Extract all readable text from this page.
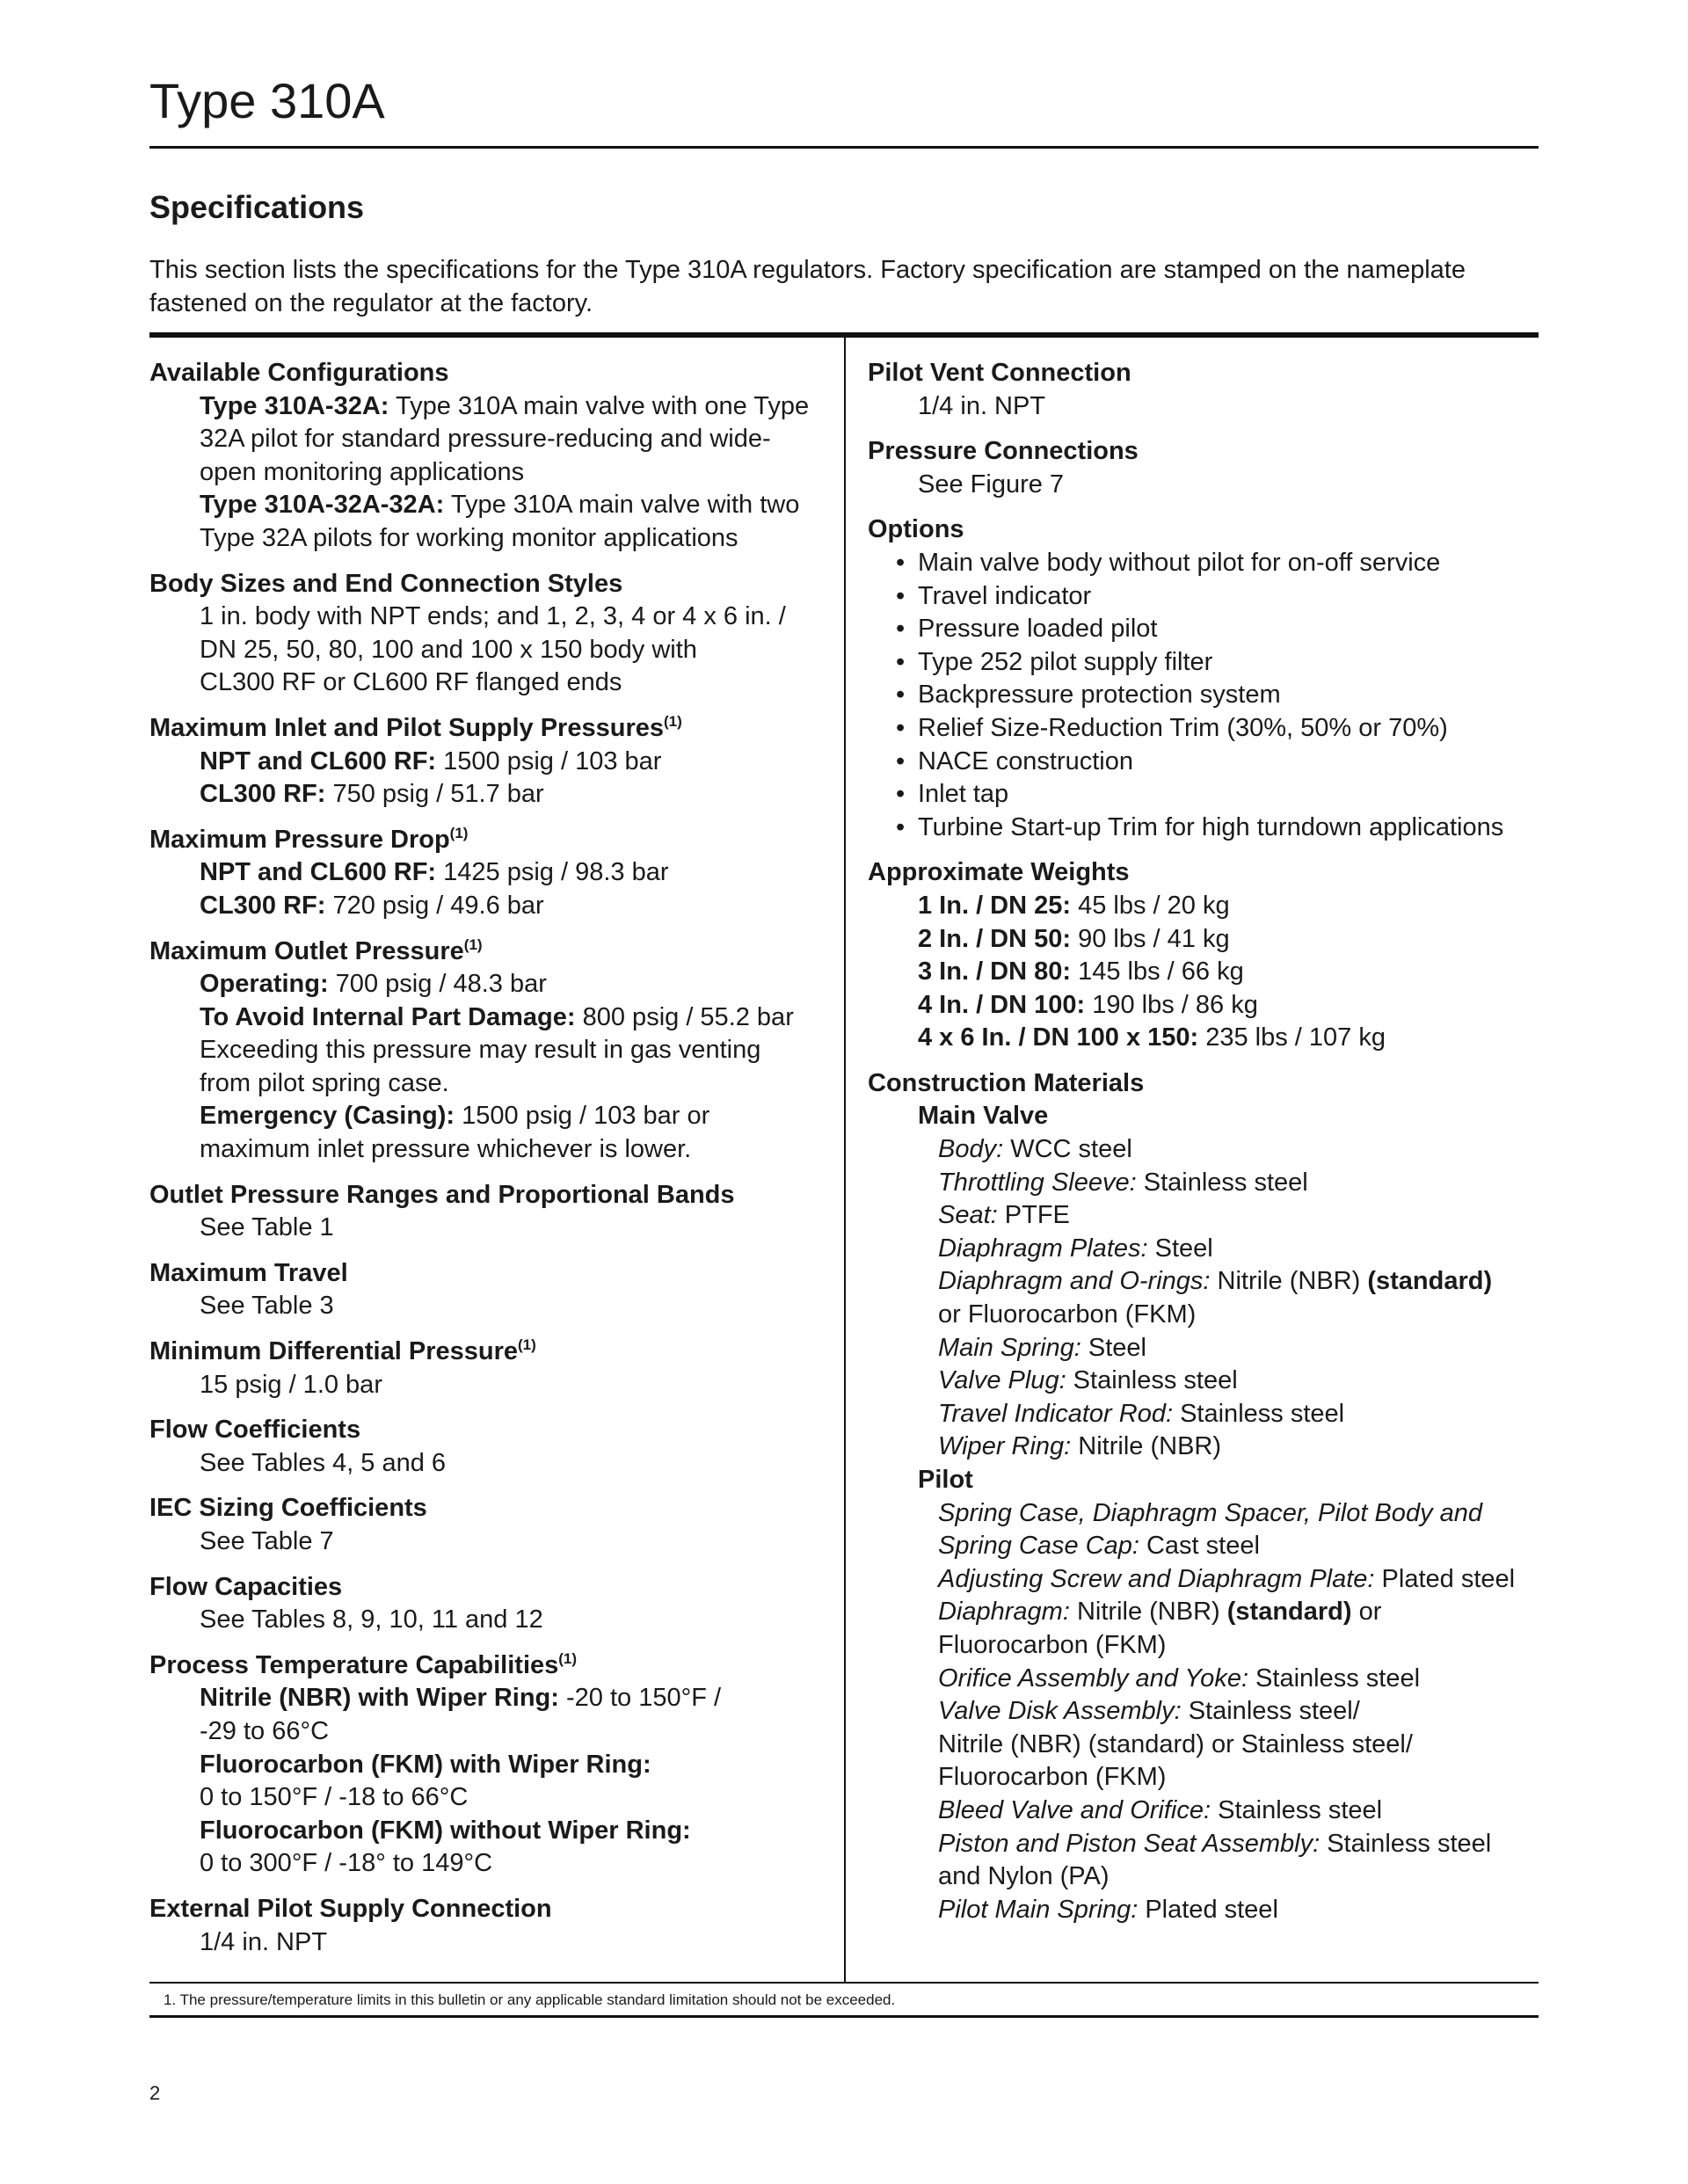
Type 310A
Specifications

This section lists the specifications for the Type 310A regulators. Factory specification are stamped on the nameplate fastened on the regulator at the factory.

Available Configurations
Type 310A-32A: Type 310A main valve with one Type 32A pilot for standard pressure-reducing and wide-open monitoring applications
Type 310A-32A-32A: Type 310A main valve with two Type 32A pilots for working monitor applications
Body Sizes and End Connection Styles
1 in. body with NPT ends; and 1, 2, 3, 4 or 4 x 6 in. /
DN 25, 50, 80, 100 and 100 x 150 body with
CL300 RF or CL600 RF flanged ends
Maximum Inlet and Pilot Supply Pressures$^{(1)}$
NPT and CL600 RF: 1500 psig / 103 bar
CL300 RF: 750 psig / 51.7 bar
Maximum Pressure Drop$^{(1)}$
NPT and CL600 RF: 1425 psig / 98.3 bar
CL300 RF: 720 psig / 49.6 bar
Maximum Outlet Pressure$^{(1)}$
Operating: 700 psig / 48.3 bar
To Avoid Internal Part Damage: 800 psig / 55.2 bar
Exceeding this pressure may result in gas venting
from pilot spring case.
Emergency (Casing): 1500 psig / 103 bar or
maximum inlet pressure whichever is lower.
Outlet Pressure Ranges and Proportional Bands
See Table 1
Maximum Travel
See Table 3
Minimum Differential Pressure$^{(1)}$
15 psig / 1.0 bar
Flow Coefficients
See Tables 4, 5 and 6
IEC Sizing Coefficients
See Table 7
Flow Capacities
See Tables 8, 9, 10, 11 and 12
Process Temperature Capabilities$^{(1)}$
Nitrile (NBR) with Wiper Ring: -20 to 150°F /
-29 to 66°C
Fluorocarbon (FKM) with Wiper Ring:
0 to 150°F / -18 to 66°C
Fluorocarbon (FKM) without Wiper Ring:
0 to 300°F / -18° to 149°C
External Pilot Supply Connection
1/4 in. NPT
Pilot Vent Connection
1/4 in. NPT
Pressure Connections
See Figure 7
Options
• Main valve body without pilot for on-off service
• Travel indicator
• Pressure loaded pilot
• Type 252 pilot supply filter
• Backpressure protection system
• Relief Size-Reduction Trim (30%, 50% or 70%)
• NACE construction
• Inlet tap
• Turbine Start-up Trim for high turndown applications
Approximate Weights
1 In. / DN 25: 45 lbs / 20 kg
2 In. / DN 50: 90 lbs / 41 kg
3 In. / DN 80: 145 lbs / 66 kg
4 In. / DN 100: 190 lbs / 86 kg
4 x 6 In. / DN 100 x 150: 235 lbs / 107 kg
Construction Materials
Main Valve
Body: WCC steel
Throttling Sleeve: Stainless steel
Seat: PTFE
Diaphragm Plates: Steel
Diaphragm and O-rings: Nitrile (NBR) (standard)
or Fluorocarbon (FKM)
Main Spring: Steel
Valve Plug: Stainless steel
Travel Indicator Rod: Stainless steel
Wiper Ring: Nitrile (NBR)
Pilot
Spring Case, Diaphragm Spacer, Pilot Body and
Spring Case Cap: Cast steel
Adjusting Screw and Diaphragm Plate: Plated steel
Diaphragm: Nitrile (NBR) (standard) or
Fluorocarbon (FKM)
Orifice Assembly and Yoke: Stainless steel
Valve Disk Assembly: Stainless steel/
Nitrile (NBR) (standard) or Stainless steel/
Fluorocarbon (FKM)
Bleed Valve and Orifice: Stainless steel
Piston and Piston Seat Assembly: Stainless steel
and Nylon (PA)
Pilot Main Spring: Plated steel

1. The pressure/temperature limits in this bulletin or any applicable standard limitation should not be exceeded.

2
